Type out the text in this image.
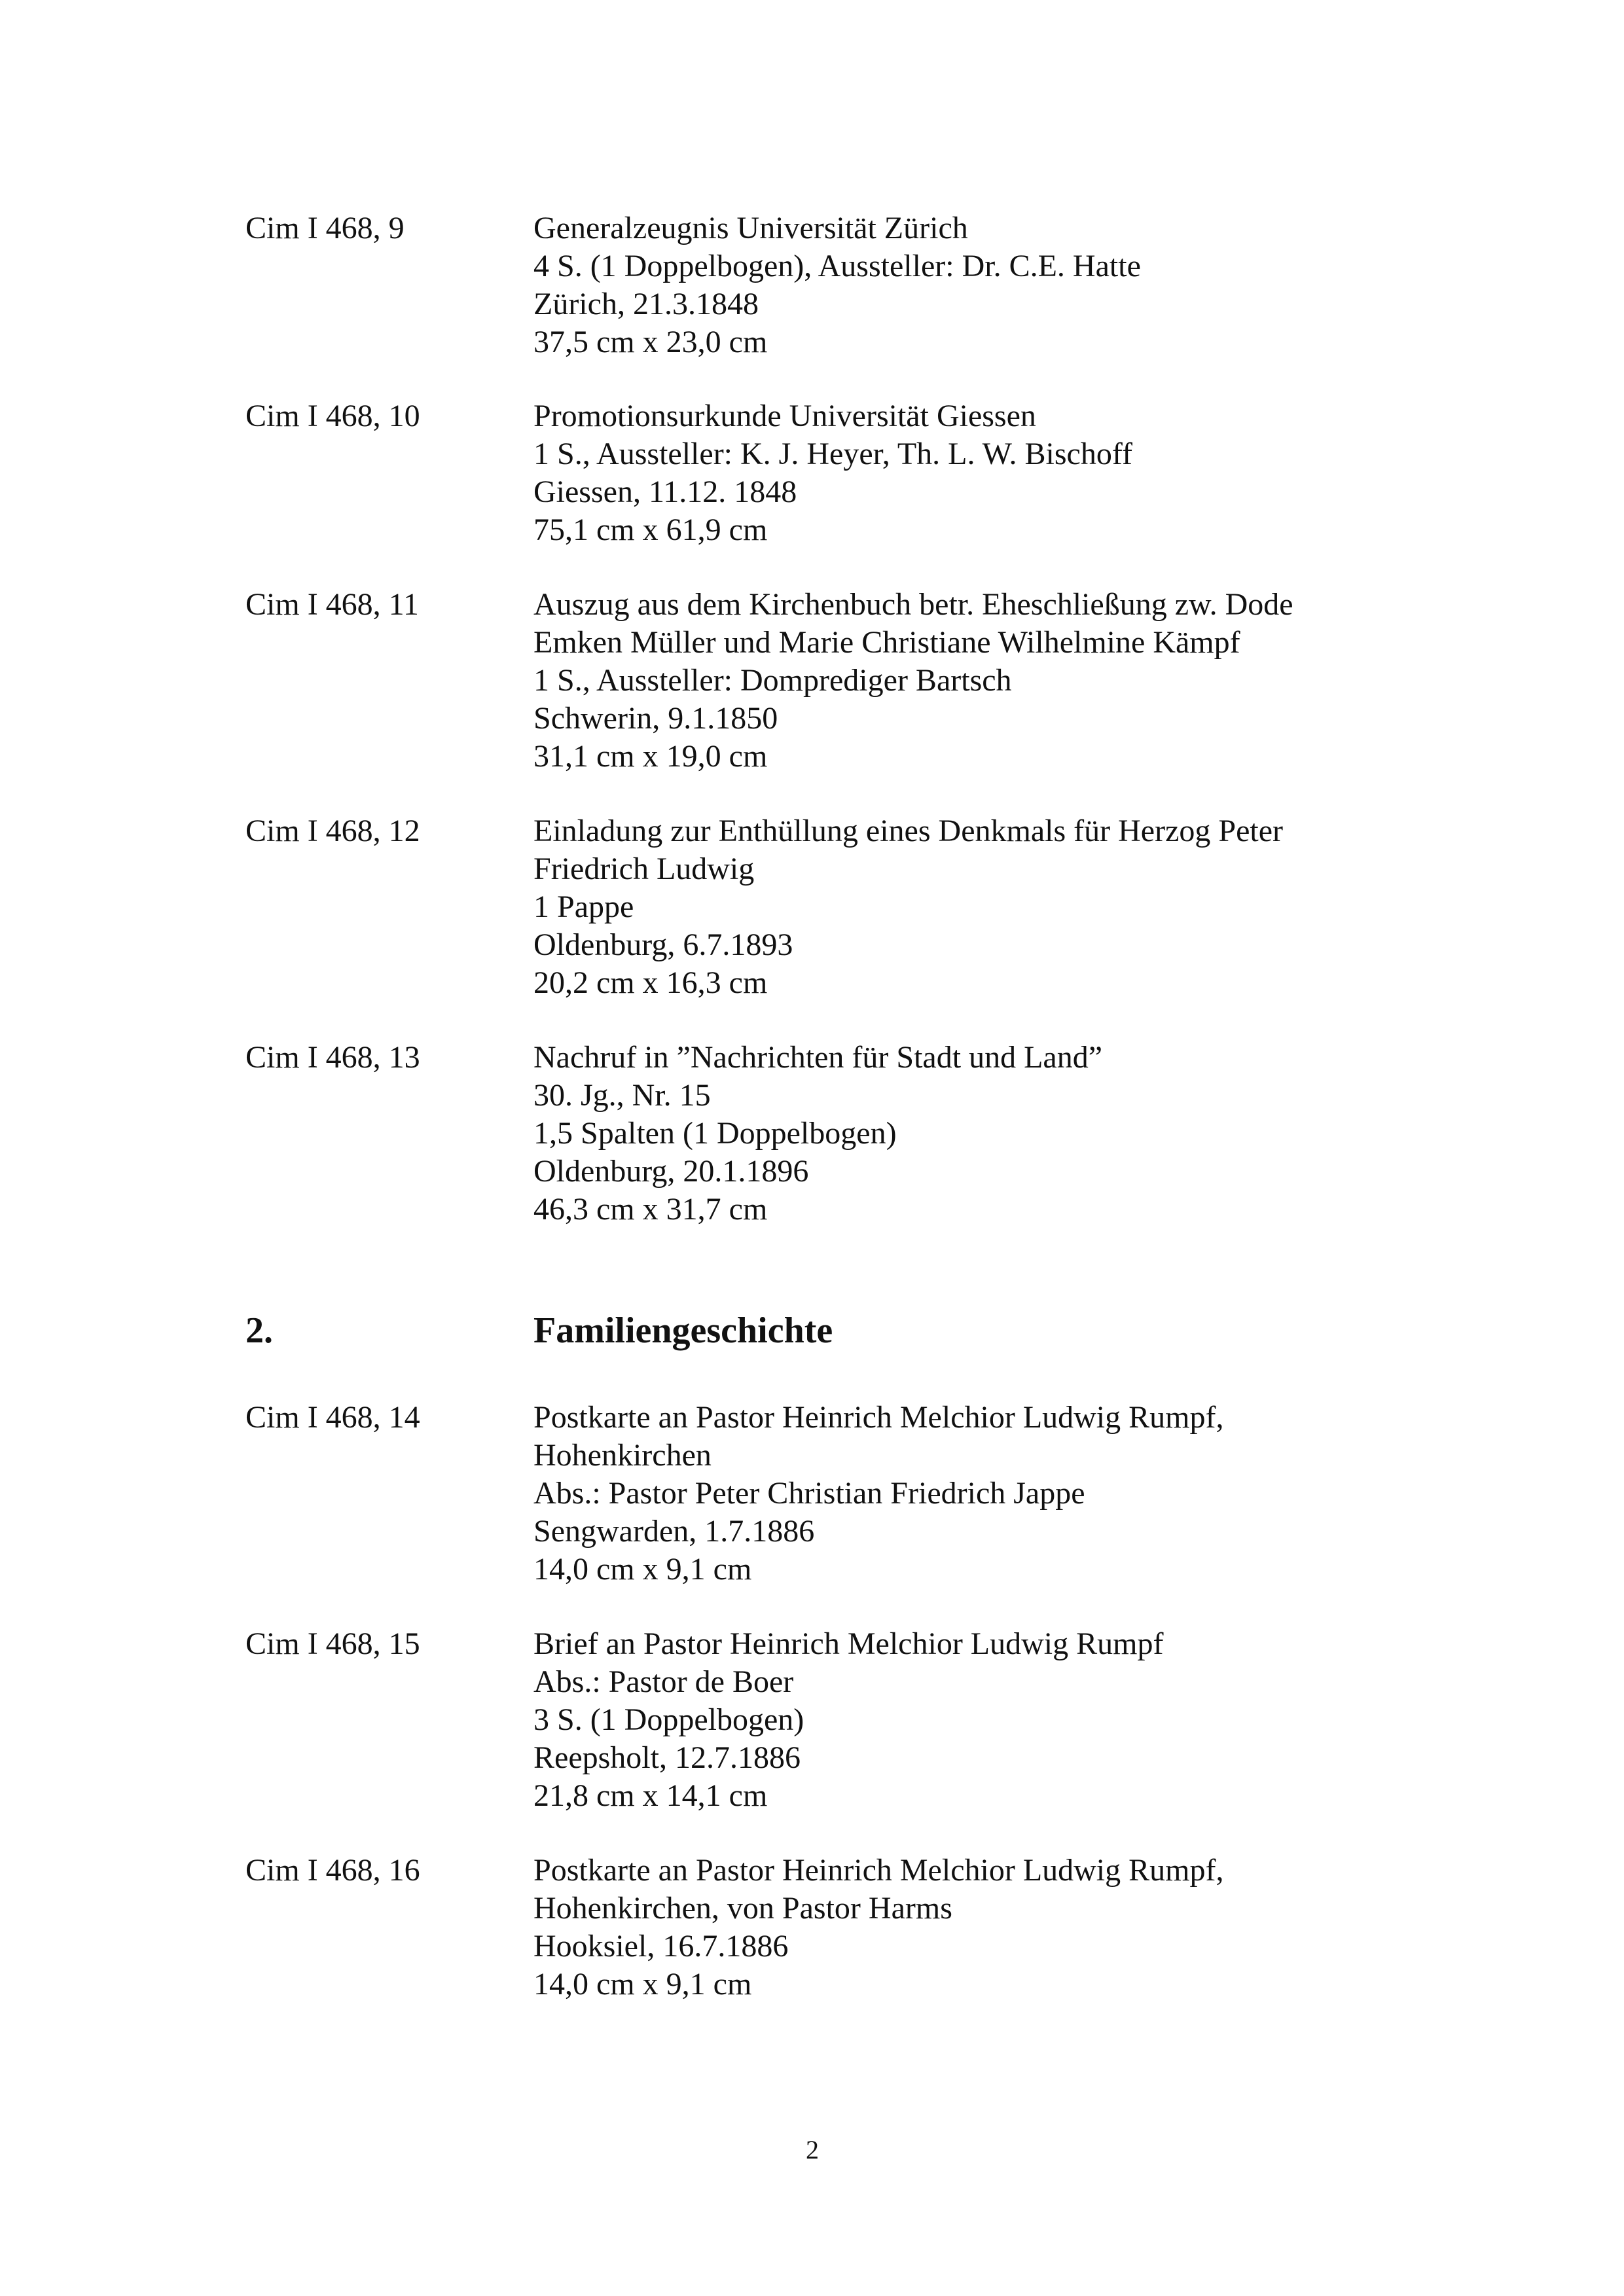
Cim I 468, 9	Generalzeugnis Universität Zürich
4 S. (1 Doppelbogen), Aussteller: Dr. C.E. Hatte
Zürich, 21.3.1848
37,5 cm x 23,0 cm
Cim I 468, 10	Promotionsurkunde Universität Giessen
1 S., Aussteller: K. J. Heyer, Th. L. W. Bischoff
Giessen, 11.12. 1848
75,1 cm x 61,9 cm
Cim I 468, 11	Auszug aus dem Kirchenbuch betr. Eheschließung zw. Dode
Emken Müller und Marie Christiane Wilhelmine Kämpf
1 S., Aussteller: Domprediger Bartsch
Schwerin, 9.1.1850
31,1 cm x 19,0 cm
Cim I 468, 12	Einladung zur Enthüllung eines Denkmals für Herzog Peter
Friedrich Ludwig
1 Pappe
Oldenburg, 6.7.1893
20,2 cm x 16,3 cm
Cim I 468, 13	Nachruf in ”Nachrichten für Stadt und Land”
30. Jg., Nr. 15
1,5 Spalten (1 Doppelbogen)
Oldenburg, 20.1.1896
46,3 cm x 31,7 cm
2.	Familiengeschichte
Cim I 468, 14	Postkarte an Pastor Heinrich Melchior Ludwig Rumpf,
Hohenkirchen
Abs.: Pastor Peter Christian Friedrich Jappe
Sengwarden, 1.7.1886
14,0 cm x 9,1 cm
Cim I 468, 15	Brief an Pastor Heinrich Melchior Ludwig Rumpf
Abs.: Pastor de Boer
3 S. (1 Doppelbogen)
Reepsholt, 12.7.1886
21,8 cm x 14,1 cm
Cim I 468, 16	Postkarte an Pastor Heinrich Melchior Ludwig Rumpf,
Hohenkirchen, von Pastor Harms
Hooksiel, 16.7.1886
14,0 cm x 9,1 cm
2
